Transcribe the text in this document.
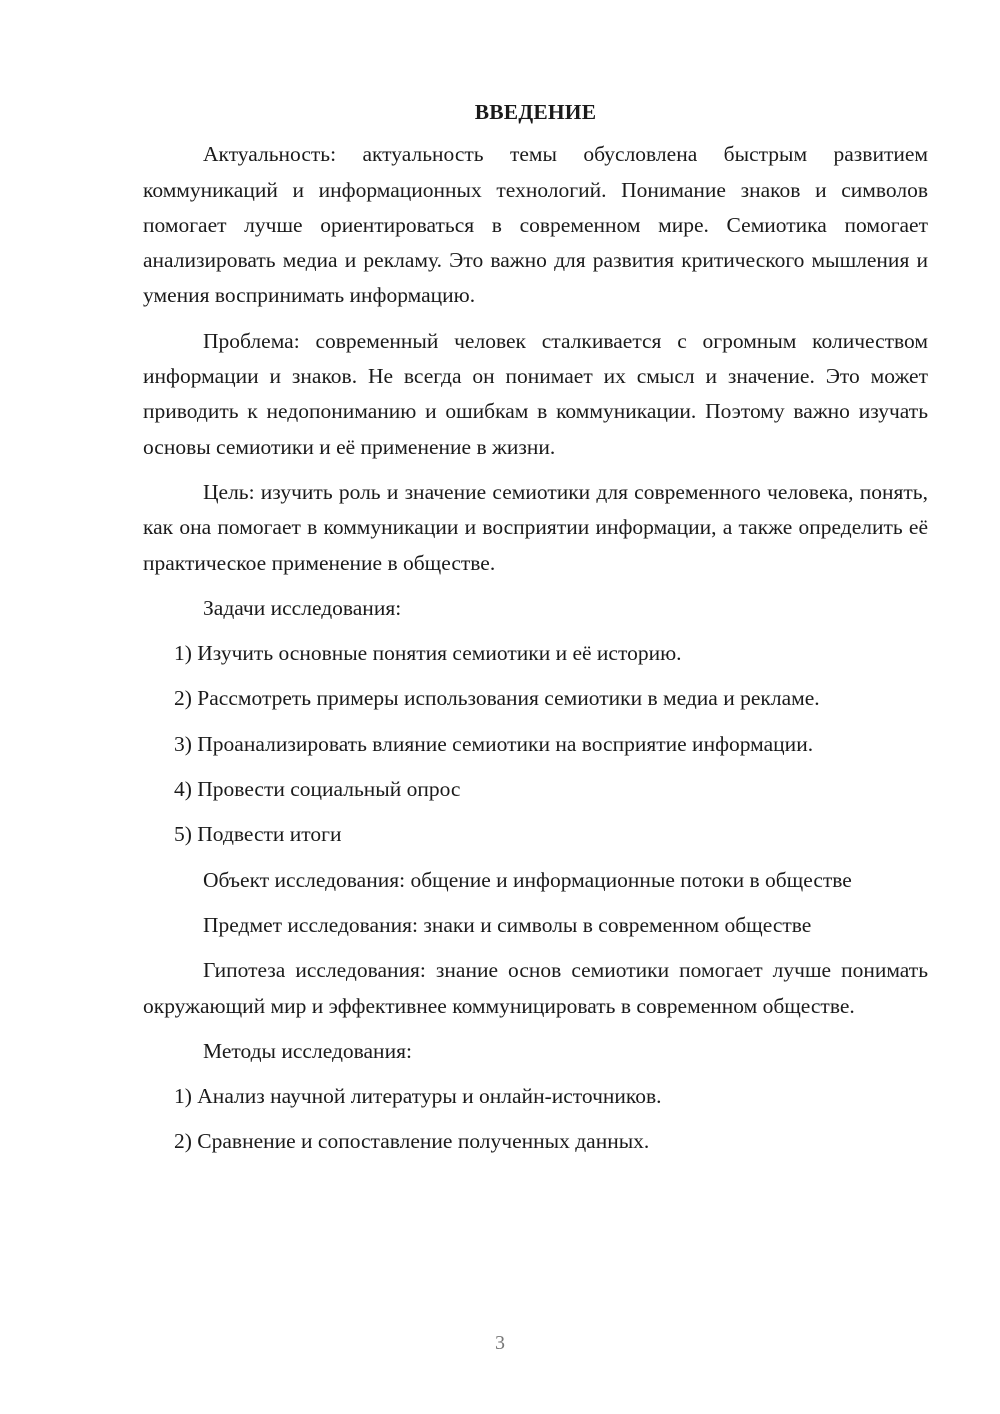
ВВЕДЕНИЕ

Актуальность: актуальность темы обусловлена быстрым развитием коммуникаций и информационных технологий. Понимание знаков и символов помогает лучше ориентироваться в современном мире. Семиотика помогает анализировать медиа и рекламу. Это важно для развития критического мышления и умения воспринимать информацию.

Проблема: современный человек сталкивается с огромным количеством информации и знаков. Не всегда он понимает их смысл и значение. Это может приводить к недопониманию и ошибкам в коммуникации. Поэтому важно изучать основы семиотики и её применение в жизни.

Цель: изучить роль и значение семиотики для современного человека, понять, как она помогает в коммуникации и восприятии информации, а также определить её практическое применение в обществе.

Задачи исследования:

1) Изучить основные понятия семиотики и её историю.

2) Рассмотреть примеры использования семиотики в медиа и рекламе.

3) Проанализировать влияние семиотики на восприятие информации.

4) Провести социальный опрос

5) Подвести итоги

Объект исследования: общение и информационные потоки в обществе

Предмет исследования: знаки и символы в современном обществе

Гипотеза исследования: знание основ семиотики помогает лучше понимать окружающий мир и эффективнее коммуницировать в современном обществе.

Методы исследования:

1) Анализ научной литературы и онлайн-источников.

2) Сравнение и сопоставление полученных данных.

3
